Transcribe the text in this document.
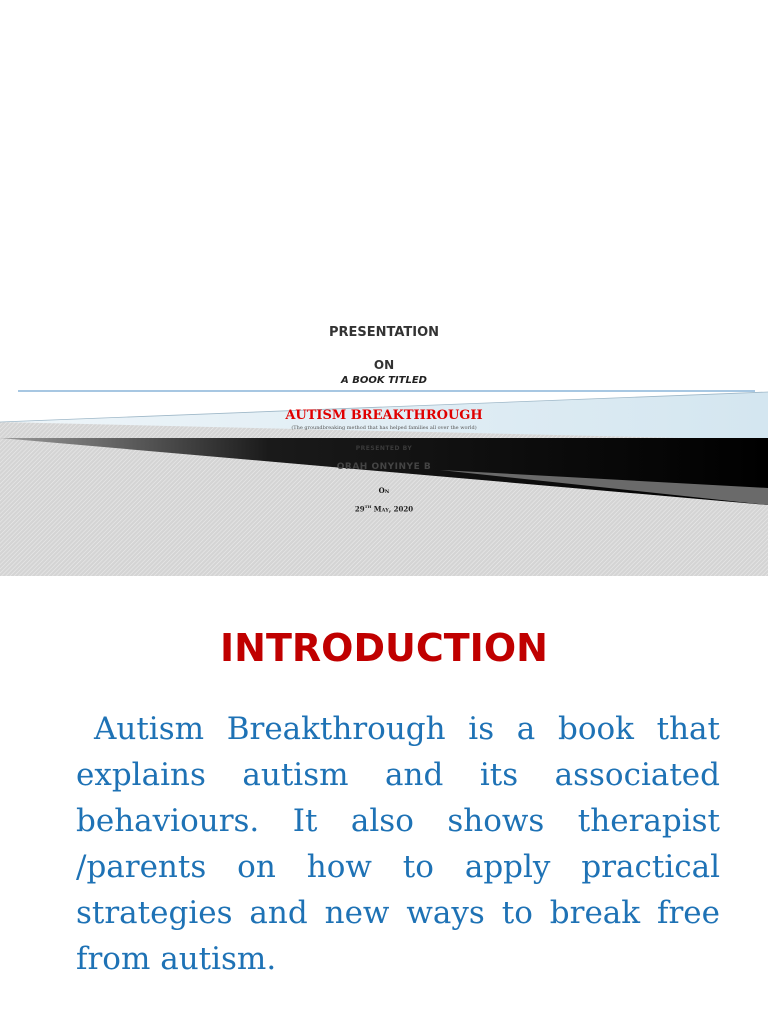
PRESENTATION
ON
A BOOK TITLED
AUTISM BREAKTHROUGH
(The groundbreaking method that has helped families all over the world)
PRESENTED BY
ORAH ONYINYE B
On
29TH May, 2020
INTRODUCTION

Autism Breakthrough is a book that explains autism and its associated behaviours. It also shows therapist /parents on how to apply practical strategies and new ways to break free from autism.
